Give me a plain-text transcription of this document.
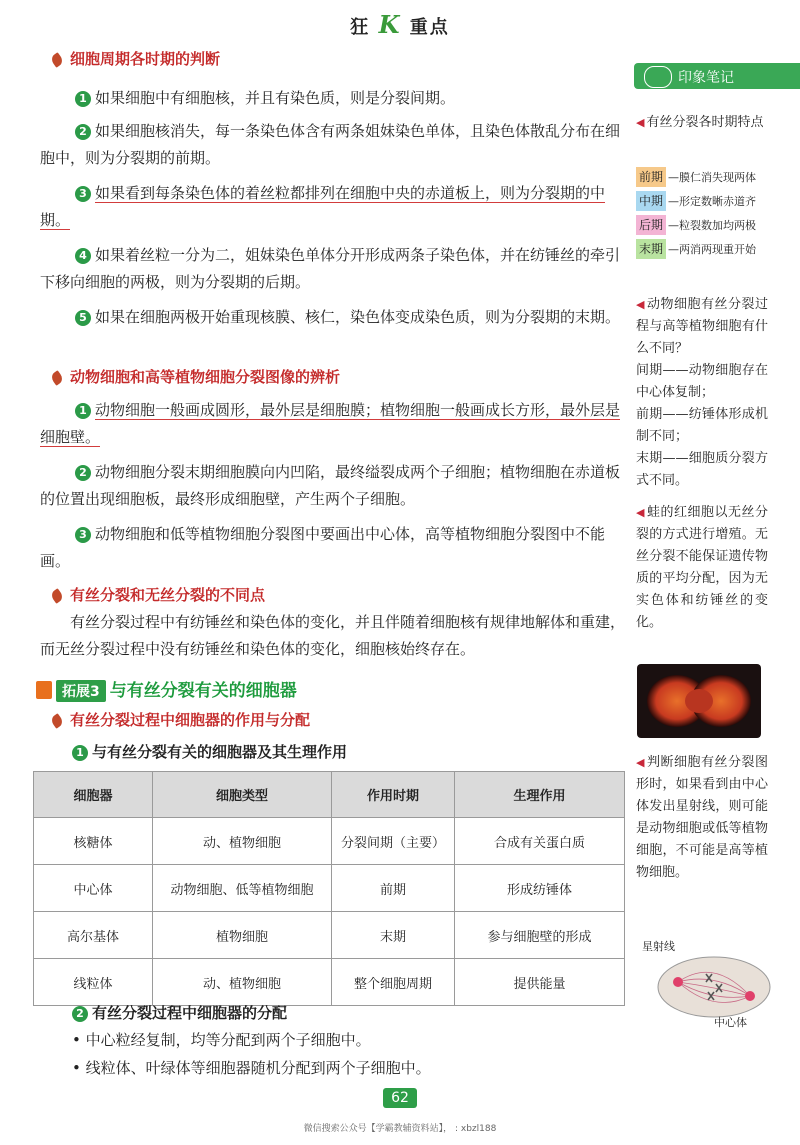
狂 K 重点
细胞周期各时期的判断
1 如果细胞中有细胞核，并且有染色质，则是分裂间期。
2 如果细胞核消失，每一条染色体含有两条姐妹染色单体，且染色体散乱分布在细胞中，则为分裂期的前期。
3 如果看到每条染色体的着丝粒都排列在细胞中央的赤道板上，则为分裂期的中期。
4 如果着丝粒一分为二，姐妹染色单体分开形成两条子染色体，并在纺锤丝的牵引下移向细胞的两极，则为分裂期的后期。
5 如果在细胞两极开始重现核膜、核仁，染色体变成染色质，则为分裂期的末期。
动物细胞和高等植物细胞分裂图像的辨析
1 动物细胞一般画成圆形，最外层是细胞膜；植物细胞一般画成长方形，最外层是细胞壁。
2 动物细胞分裂末期细胞膜向内凹陷，最终缢裂成两个子细胞；植物细胞在赤道板的位置出现细胞板，最终形成细胞壁，产生两个子细胞。
3 动物细胞和低等植物细胞分裂图中要画出中心体，高等植物细胞分裂图中不能画。
有丝分裂和无丝分裂的不同点
有丝分裂过程中有纺锤丝和染色体的变化，并且伴随着细胞核有规律地解体和重建，而无丝分裂过程中没有纺锤丝和染色体的变化，细胞核始终存在。
拓展3 与有丝分裂有关的细胞器
有丝分裂过程中细胞器的作用与分配
1 与有丝分裂有关的细胞器及其生理作用
细胞器	细胞类型	作用时期	生理作用
核糖体	动、植物细胞	分裂间期（主要）	合成有关蛋白质
中心体	动物细胞、低等植物细胞	前期	形成纺锤体
高尔基体	植物细胞	末期	参与细胞壁的形成
线粒体	动、植物细胞	整个细胞周期	提供能量
2 有丝分裂过程中细胞器的分配
• 中心粒经复制，均等分配到两个子细胞中。
• 线粒体、叶绿体等细胞器随机分配到两个子细胞中。
印象笔记
◀ 有丝分裂各时期特点
前期 —膜仁消失现两体
中期 —形定数晰赤道齐
后期 —粒裂数加均两极
末期 —两消两现重开始
◀ 动物细胞有丝分裂过程与高等植物细胞有什么不同？
间期——动物细胞存在中心体复制；
前期——纺锤体形成机制不同；
末期——细胞质分裂方式不同。
◀ 蛙的红细胞以无丝分裂的方式进行增殖。无丝分裂不能保证遗传物质的平均分配，因为无实色体和纺锤丝的变化。
◀ 判断细胞有丝分裂图形时，如果看到由中心体发出星射线，则可能是动物细胞或低等植物细胞，不可能是高等植物细胞。
星射线
中心体
62
微信搜索公众号【学霸教辅资料站】， : xbzl188
